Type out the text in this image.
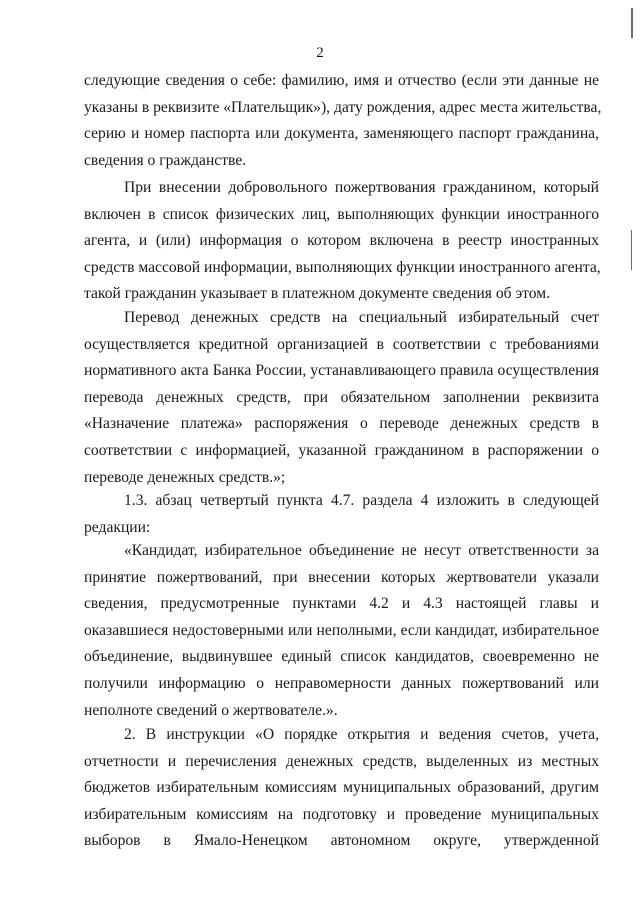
2
следующие сведения о себе: фамилию, имя и отчество (если эти данные не
указаны в реквизите «Плательщик»), дату рождения, адрес места жительства,
серию и номер паспорта или документа, заменяющего паспорт гражданина,
сведения о гражданстве.
При внесении добровольного пожертвования гражданином, который
включен в список физических лиц, выполняющих функции иностранного
агента, и (или) информация о котором включена в реестр иностранных
средств массовой информации, выполняющих функции иностранного агента,
такой гражданин указывает в платежном документе сведения об этом.
Перевод денежных средств на специальный избирательный счет
осуществляется кредитной организацией в соответствии с требованиями
нормативного акта Банка России, устанавливающего правила осуществления
перевода денежных средств, при обязательном заполнении реквизита
«Назначение платежа» распоряжения о переводе денежных средств в
соответствии с информацией, указанной гражданином в распоряжении о
переводе денежных средств.»;
1.3. абзац четвертый пункта 4.7. раздела 4 изложить в следующей
редакции:
«Кандидат, избирательное объединение не несут ответственности за
принятие пожертвований, при внесении которых жертвователи указали
сведения, предусмотренные пунктами 4.2 и 4.3 настоящей главы и
оказавшиеся недостоверными или неполными, если кандидат, избирательное
объединение, выдвинувшее единый список кандидатов, своевременно не
получили информацию о неправомерности данных пожертвований или
неполноте сведений о жертвователе.».
2. В инструкции «О порядке открытия и ведения счетов, учета,
отчетности и перечисления денежных средств, выделенных из местных
бюджетов избирательным комиссиям муниципальных образований, другим
избирательным комиссиям на подготовку и проведение муниципальных
выборов в Ямало-Ненецком автономном округе, утвержденной
